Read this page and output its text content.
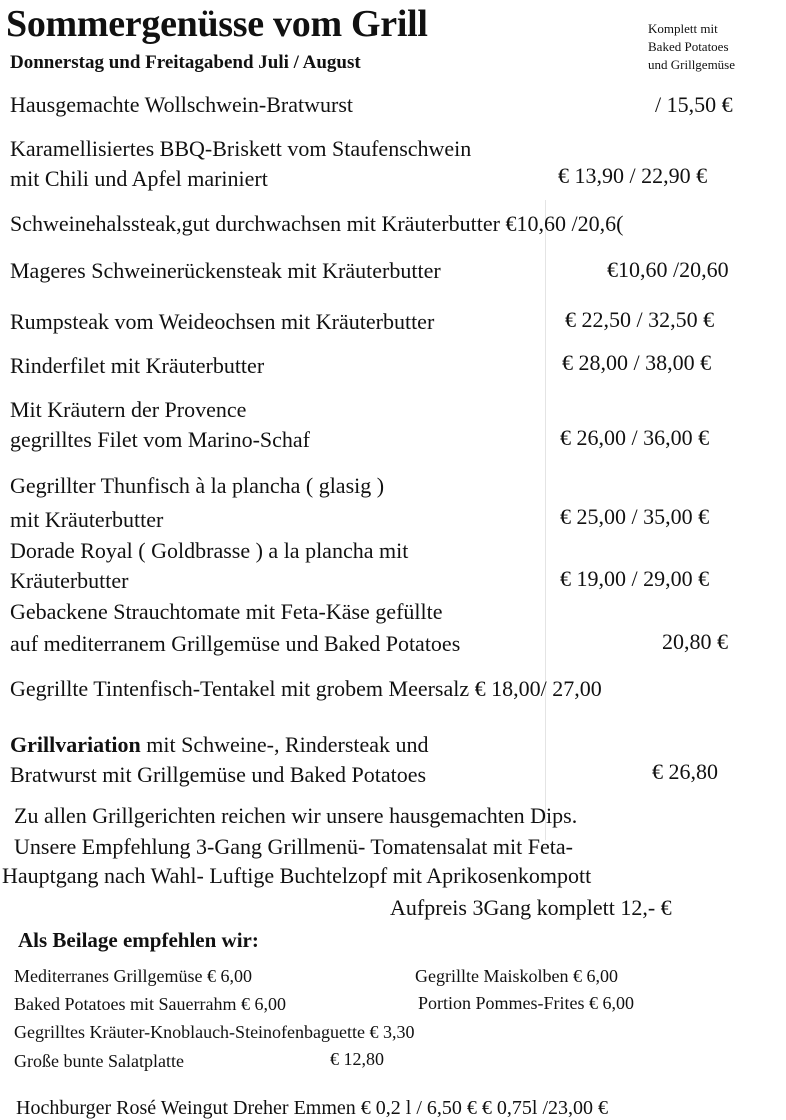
Sommergenüsse vom Grill
Donnerstag und Freitagabend Juli / August
Komplett mit
Baked Potatoes
und Grillgemüse
Hausgemachte Wollschwein-Bratwurst	/ 15,50 €
Karamellisiertes BBQ-Briskett vom Staufenschwein
mit Chili und Apfel mariniert	€ 13,90 / 22,90 €
Schweinehalssteak,gut durchwachsen mit Kräuterbutter €10,60 /20,6(
Mageres Schweinerückensteak mit Kräuterbutter	€10,60 /20,60
Rumpsteak vom Weideochsen mit Kräuterbutter	€ 22,50 / 32,50 €
Rinderfilet mit Kräuterbutter	€ 28,00 / 38,00 €
Mit Kräutern der Provence
gegrilltes Filet vom Marino-Schaf	€ 26,00 / 36,00 €
Gegrillter Thunfisch à la plancha ( glasig )
mit Kräuterbutter	€ 25,00 / 35,00 €
Dorade Royal ( Goldbrasse ) a la plancha mit
Kräuterbutter	€ 19,00 / 29,00 €
Gebackene Strauchtomate mit Feta-Käse gefüllte
auf mediterranem Grillgemüse und Baked Potatoes	20,80 €
Gegrillte Tintenfisch-Tentakel mit grobem Meersalz € 18,00/ 27,00
Grillvariation mit Schweine-, Rindersteak und
Bratwurst mit Grillgemüse und Baked Potatoes	€ 26,80
Zu allen Grillgerichten reichen wir unsere hausgemachten Dips.
Unsere Empfehlung 3-Gang Grillmenü- Tomatensalat mit Feta-
Hauptgang nach Wahl- Luftige Buchtelzopf mit Aprikosenkompott
Aufpreis 3Gang komplett 12,- €
Als Beilage empfehlen wir:
Mediterranes Grillgemüse € 6,00	Gegrillte Maiskolben € 6,00
Baked Potatoes mit Sauerrahm € 6,00	Portion Pommes-Frites € 6,00
Gegrilltes Kräuter-Knoblauch-Steinofenbaguette € 3,30
Große bunte Salatplatte	€ 12,80
Hochburger Rosé Weingut Dreher Emmen € 0,2 l / 6,50 € € 0,75l /23,00 €
